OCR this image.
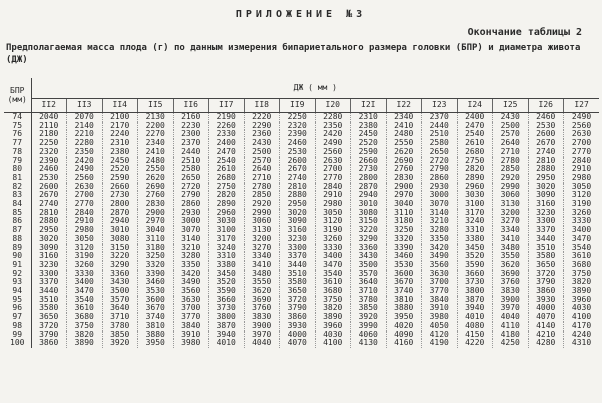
ПРИЛОЖЕНИЕ №3
Окончание таблицы 2
Предполагаемая масса плода (г) по данным измерения бипариетального размера головки (БПР) и диаметра живота (ДЖ)
БПР
(мм)	ДЖ ( мм )															
	II2	II3	II4	II5	II6	II7	II8	II9	I20	I2I	I22	I23	I24	I25	I26	I27
74	2040	2070	2100	2130	2160	2190	2220	2250	2280	2310	2340	2370	2400	2430	2460	2490
75	2110	2140	2170	2200	2230	2260	2290	2320	2350	2380	2410	2440	2470	2500	2530	2560
76	2180	2210	2240	2270	2300	2330	2360	2390	2420	2450	2480	2510	2540	2570	2600	2630
77	2250	2280	2310	2340	2370	2400	2430	2460	2490	2520	2550	2580	2610	2640	2670	2700
78	2320	2350	2380	2410	2440	2470	2500	2530	2560	2590	2620	2650	2680	2710	2740	2770
79	2390	2420	2450	2480	2510	2540	2570	2600	2630	2660	2690	2720	2750	2780	2810	2840
80	2460	2490	2520	2550	2580	2610	2640	2670	2700	2730	2760	2790	2820	2850	2880	2910
81	2530	2560	2590	2620	2650	2680	2710	2740	2770	2800	2830	2860	2890	2920	2950	2980
82	2600	2630	2660	2690	2720	2750	2780	2810	2840	2870	2900	2930	2960	2990	3020	3050
83	2670	2700	2730	2760	2790	2820	2850	2880	2910	2940	2970	3000	3030	3060	3090	3120
84	2740	2770	2800	2830	2860	2890	2920	2950	2980	3010	3040	3070	3100	3130	3160	3190
85	2810	2840	2870	2900	2930	2960	2990	3020	3050	3080	3110	3140	3170	3200	3230	3260
86	2880	2910	2940	2970	3000	3030	3060	3090	3120	3150	3180	3210	3240	3270	3300	3330
87	2950	2980	3010	3040	3070	3100	3130	3160	3190	3220	3250	3280	3310	3340	3370	3400
88	3020	3050	3080	3110	3140	3170	3200	3230	3260	3290	3320	3350	3380	3410	3440	3470
89	3090	3120	3150	3180	3210	3240	3270	3300	3330	3360	3390	3420	3450	3480	3510	3540
90	3160	3190	3220	3250	3280	3310	3340	3370	3400	3430	3460	3490	3520	3550	3580	3610
91	3230	3260	3290	3320	3350	3380	3410	3440	3470	3500	3530	3560	3590	3620	3650	3680
92	3300	3330	3360	3390	3420	3450	3480	3510	3540	3570	3600	3630	3660	3690	3720	3750
93	3370	3400	3430	3460	3490	3520	3550	3580	3610	3640	3670	3700	3730	3760	3790	3820
94	3440	3470	3500	3530	3560	3590	3620	3650	3680	3710	3740	3770	3800	3830	3860	3890
95	3510	3540	3570	3600	3630	3660	3690	3720	3750	3780	3810	3840	3870	3900	3930	3960
96	3580	3610	3640	3670	3700	3730	3760	3790	3820	3850	3880	3910	3940	3970	4000	4030
97	3650	3680	3710	3740	3770	3800	3830	3860	3890	3920	3950	3980	4010	4040	4070	4100
98	3720	3750	3780	3810	3840	3870	3900	3930	3960	3990	4020	4050	4080	4110	4140	4170
99	3790	3820	3850	3880	3910	3940	3970	4000	4030	4060	4090	4120	4150	4180	4210	4240
100	3860	3890	3920	3950	3980	4010	4040	4070	4100	4130	4160	4190	4220	4250	4280	4310
